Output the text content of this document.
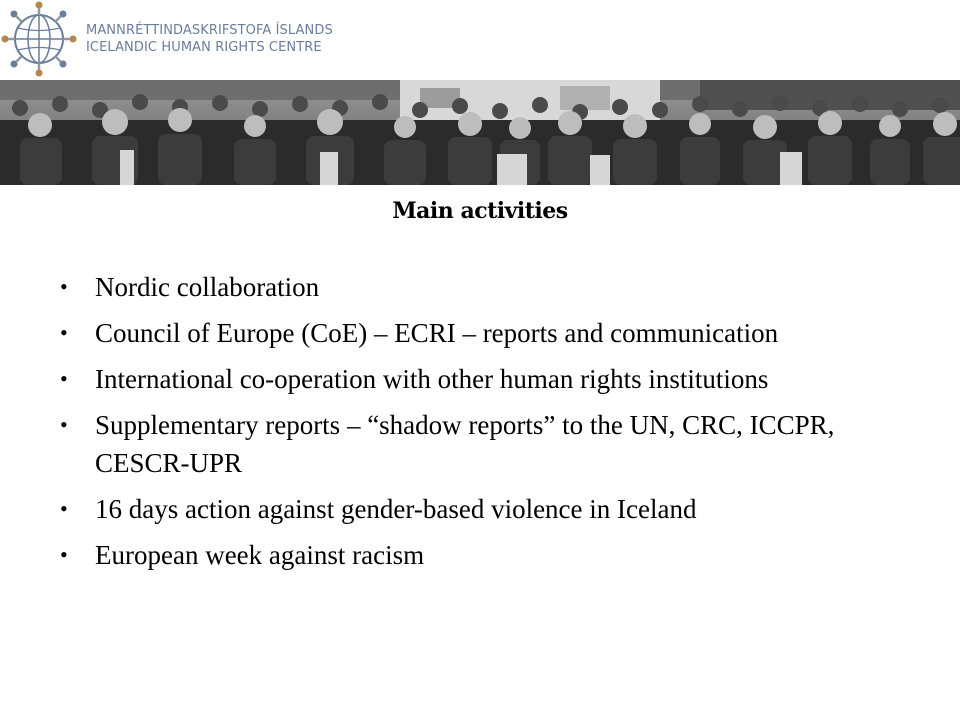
MANNRÉTTINDASKRIFSTOFA ÍSLANDS
ICELANDIC HUMAN RIGHTS CENTRE
Main activities
• Nordic collaboration
• Council of Europe (CoE) – ECRI – reports and communication
• International co-operation with other human rights institutions
• Supplementary reports – “shadow reports” to the UN, CRC, ICCPR, CESCR-UPR
• 16 days action against gender-based violence in Iceland
• European week against racism
